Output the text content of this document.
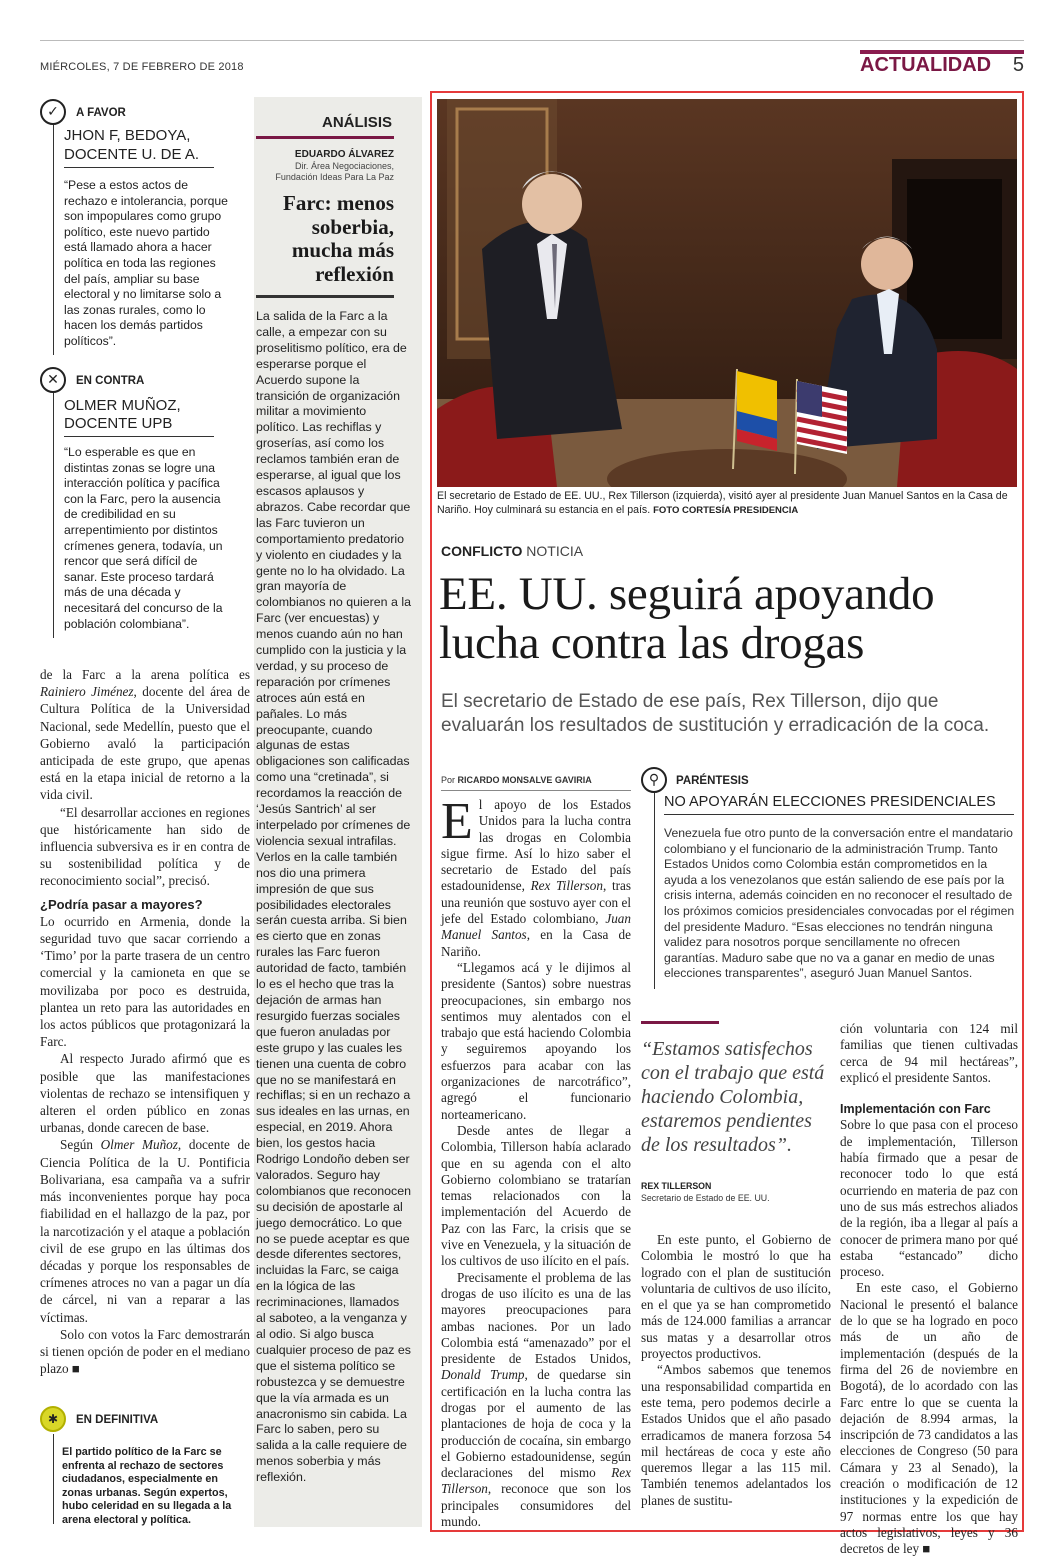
MIÉRCOLES, 7 DE FEBRERO DE 2018	ACTUALIDAD 5
✓	A FAVOR
JHON F, BEDOYA,
DOCENTE U. DE A.
“Pese a estos actos de rechazo e intolerancia, porque son impopulares como grupo político, este nuevo partido está llamado ahora a hacer política en toda las regiones del país, ampliar su base electoral y no limitarse solo a las zonas rurales, como lo hacen los demás partidos políticos”.
✕	EN CONTRA
OLMER MUÑOZ,
DOCENTE UPB
“Lo esperable es que en distintas zonas se logre una interacción política y pacífica con la Farc, pero la ausencia de credibilidad en su arrepentimiento por distintos crímenes genera, todavía, un rencor que será difícil de sanar. Este proceso tardará más de una década y necesitará del concurso de la población colombiana”.
de la Farc a la arena política es Rainiero Jiménez, docente del área de Cultura Política de la Universidad Nacional, sede Medellín, puesto que el Gobierno avaló la participación anticipada de este grupo, que apenas está en la etapa inicial de retorno a la vida civil.

“El desarrollar acciones en regiones que históricamente han sido de influencia subversiva es ir en contra de su sostenibilidad política y de reconocimiento social”, precisó.

¿Podría pasar a mayores?
Lo ocurrido en Armenia, donde la seguridad tuvo que sacar corriendo a ‘Timo’ por la parte trasera de un centro comercial y la camioneta en que se movilizaba por poco es destruida, plantea un reto para las autoridades en los actos públicos que protagonizará la Farc.

Al respecto Jurado afirmó que es posible que las manifestaciones violentas de rechazo se intensifiquen y alteren el orden público en zonas urbanas, donde carecen de base.

Según Olmer Muñoz, docente de Ciencia Política de la U. Pontificia Bolivariana, esa campaña va a sufrir más inconvenientes porque hay poca fiabilidad en el hallazgo de la paz, por la narcotización y el ataque a población civil de ese grupo en las últimas dos décadas y porque los responsables de crímenes atroces no van a pagar un día de cárcel, ni van a reparar a las víctimas.

Solo con votos la Farc demostrarán si tienen opción de poder en el mediano plazo ■

✱	EN DEFINITIVA
El partido político de la Farc se enfrenta al rechazo de sectores ciudadanos, especialmente en zonas urbanas. Según expertos, hubo celeridad en su llegada a la arena electoral y política.
ANÁLISIS
EDUARDO ÁLVAREZ
Dir. Área Negociaciones, Fundación Ideas Para La Paz
Farc: menos soberbia, mucha más reflexión
La salida de la Farc a la calle, a empezar con su proselitismo político, era de esperarse porque el Acuerdo supone la transición de organización militar a movimiento político. Las rechiflas y groserías, así como los reclamos también eran de esperarse, al igual que los escasos aplausos y abrazos. Cabe recordar que las Farc tuvieron un comportamiento predatorio y violento en ciudades y la gente no lo ha olvidado. La gran mayoría de colombianos no quieren a la Farc (ver encuestas) y menos cuando aún no han cumplido con la justicia y la verdad, y su proceso de reparación por crímenes atroces aún está en pañales. Lo más preocupante, cuando algunas de estas obligaciones son calificadas como una “cretinada”, si recordamos la reacción de ‘Jesús Santrich’ al ser interpelado por crímenes de violencia sexual intrafilas. Verlos en la calle también nos dio una primera impresión de que sus posibilidades electorales serán cuesta arriba. Si bien es cierto que en zonas rurales las Farc fueron autoridad de facto, también lo es el hecho que tras la dejación de armas han resurgido fuerzas sociales que fueron anuladas por este grupo y las cuales les tienen una cuenta de cobro que no se manifestará en rechiflas; si en un rechazo a sus ideales en las urnas, en especial, en 2019. Ahora bien, los gestos hacia Rodrigo Londoño deben ser valorados. Seguro hay colombianos que reconocen su decisión de apostarle al juego democrático. Lo que no se puede aceptar es que desde diferentes sectores, incluidas la Farc, se caiga en la lógica de las recriminaciones, llamados al saboteo, a la venganza y al odio. Si algo busca cualquier proceso de paz es que el sistema político se robustezca y se demuestre que la vía armada es un anacronismo sin cabida. La Farc lo saben, pero su salida a la calle requiere de menos soberbia y más reflexión.
El secretario de Estado de EE. UU., Rex Tillerson (izquierda), visitó ayer al presidente Juan Manuel Santos en la Casa de Nariño. Hoy culminará su estancia en el país. FOTO CORTESÍA PRESIDENCIA
CONFLICTO NOTICIA
EE. UU. seguirá apoyando lucha contra las drogas
El secretario de Estado de ese país, Rex Tillerson, dijo que evaluarán los resultados de sustitución y erradicación de la coca.
Por RICARDO MONSALVE GAVIRIA
El apoyo de los Estados Unidos para la lucha contra las drogas en Colombia sigue firme. Así lo hizo saber el secretario de Estado del país estadounidense, Rex Tillerson, tras una reunión que sostuvo ayer con el jefe del Estado colombiano, Juan Manuel Santos, en la Casa de Nariño.

“Llegamos acá y le dijimos al presidente (Santos) sobre nuestras preocupaciones, sin embargo nos sentimos muy alentados con el trabajo que está haciendo Colombia y seguiremos apoyando los esfuerzos para acabar con las organizaciones de narcotráfico”, agregó el funcionario norteamericano.

Desde antes de llegar a Colombia, Tillerson había aclarado que en su agenda con el alto Gobierno colombiano se tratarían temas relacionados con la implementación del Acuerdo de Paz con las Farc, la crisis que se vive en Venezuela, y la situación de los cultivos de uso ilícito en el país.

Precisamente el problema de las drogas de uso ilícito es una de las mayores preocupaciones para ambas naciones. Por un lado Colombia está “amenazado” por el presidente de Estados Unidos, Donald Trump, de quedarse sin certificación en la lucha contra las drogas por el aumento de las plantaciones de hoja de coca y la producción de cocaína, sin embargo el Gobierno estadounidense, según declaraciones del mismo Rex Tillerson, reconoce que son los principales consumidores del mundo.

⚲	PARÉNTESIS
NO APOYARÁN ELECCIONES PRESIDENCIALES
Venezuela fue otro punto de la conversación entre el mandatario colombiano y el funcionario de la administración Trump. Tanto Estados Unidos como Colombia están comprometidos en la ayuda a los venezolanos que están saliendo de ese país por la crisis interna, además coinciden en no reconocer el resultado de los próximos comicios presidenciales convocadas por el régimen del presidente Maduro. “Esas elecciones no tendrán ninguna validez para nosotros porque sencillamente no ofrecen garantías. Maduro sabe que no va a ganar en medio de unas elecciones transparentes”, aseguró Juan Manuel Santos.
“Estamos satisfechos con el trabajo que está haciendo Colombia, estaremos pendientes de los resultados”.
REX TILLERSON
Secretario de Estado de EE. UU.

En este punto, el Gobierno de Colombia le mostró lo que ha logrado con el plan de sustitución voluntaria de cultivos de uso ilícito, en el que ya se han comprometido más de 124.000 familias a arrancar sus matas y a desarrollar otros proyectos productivos.

“Ambos sabemos que tenemos una responsabilidad compartida en este tema, pero podemos decirle a Estados Unidos que el año pasado erradicamos de manera forzosa 54 mil hectáreas de coca y este año queremos llegar a las 115 mil. También tenemos adelantados los planes de sustitu-

ción voluntaria con 124 mil familias que tienen cultivadas cerca de 94 mil hectáreas”, explicó el presidente Santos.
Implementación con Farc
Sobre lo que pasa con el proceso de implementación, Tillerson había firmado que a pesar de reconocer todo lo que está ocurriendo en materia de paz con uno de sus más estrechos aliados de la región, iba a llegar al país a conocer de primera mano por qué estaba “estancado” dicho proceso.

En este caso, el Gobierno Nacional le presentó el balance de lo que se ha logrado en poco más de un año de implementación (después de la firma del 26 de noviembre en Bogotá), de lo acordado con las Farc entre lo que se cuenta la dejación de 8.994 armas, la inscripción de 73 candidatos a las elecciones de Congreso (50 para Cámara y 23 al Senado), la creación o modificación de 12 instituciones y la expedición de 97 normas entre los que hay actos legislativos, leyes y 36 decretos de ley ■
